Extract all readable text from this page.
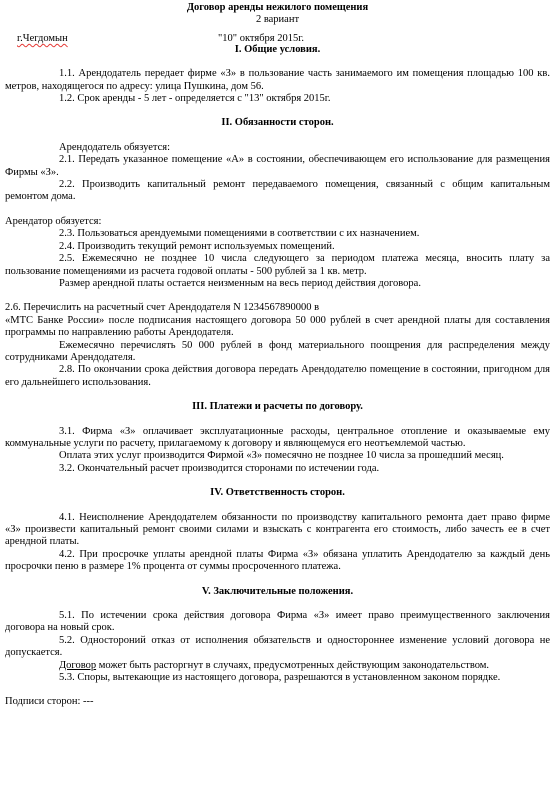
Договор аренды нежилого помещения
2 вариант
г.Чегдомын	"10" октября 2015г.
I. Общие условия.

1.1. Арендодатель передает фирме «З» в пользование часть занимаемого им помещения площадью 100 кв. метров, находящегося по адресу: улица Пушкина, дом 56.

1.2. Срок аренды - 5 лет - определяется с "13" октября 2015г.

II. Обязанности сторон.

Арендодатель обязуется:

2.1. Передать указанное помещение «А» в состоянии, обеспечивающем его использование для размещения Фирмы «З».

2.2. Производить капитальный ремонт передаваемого помещения, связанный с общим капитальным ремонтом дома.

Арендатор обязуется:

2.3. Пользоваться арендуемыми помещениями в соответствии с их назначением.

2.4. Производить текущий ремонт используемых помещений.

2.5. Ежемесячно не позднее 10 числа следующего за периодом платежа месяца, вносить плату за пользование помещениями из расчета годовой оплаты - 500 рублей за 1 кв. метр.

Размер арендной платы остается неизменным на весь период действия договора.

2.6. Перечислить на расчетный счет Арендодателя N 1234567890000 в

«МТС Банке России» после подписания настоящего договора 50 000 рублей в счет арендной платы для составления программы по направлению работы Арендодателя.

Ежемесячно перечислять 50 000 рублей в фонд материального поощрения для распределения между сотрудниками Арендодателя.

2.8. По окончании срока действия договора передать Арендодателю помещение в состоянии, пригодном для его дальнейшего использования.

III. Платежи и расчеты по договору.

3.1. Фирма «З» оплачивает эксплуатационные расходы, центральное отопление и оказываемые ему коммунальные услуги по расчету, прилагаемому к договору и являющемуся его неотъемлемой частью.

Оплата этих услуг производится Фирмой «З» помесячно не позднее 10 числа за прошедший месяц.

3.2. Окончательный расчет производится сторонами по истечении года.

IV. Ответственность сторон.

4.1. Неисполнение Арендодателем обязанности по производству капитального ремонта дает право фирме «З» произвести капитальный ремонт своими силами и взыскать с контрагента его стоимость, либо зачесть ее в счет арендной платы.

4.2. При просрочке уплаты арендной платы Фирма «З» обязана уплатить Арендодателю за каждый день просрочки пеню в размере 1% процента от суммы просроченного платежа.

V. Заключительные положения.

5.1. По истечении срока действия договора Фирма «З» имеет право преимущественного заключения договора на новый срок.

5.2. Одностороний отказ от исполнения обязательств и одностороннее изменение условий договора не допускается.

Договор может быть расторгнут в случаях, предусмотренных действующим законодательством.

5.3. Споры, вытекающие из настоящего договора, разрешаются в установленном законом порядке.

Подписи сторон: ---
